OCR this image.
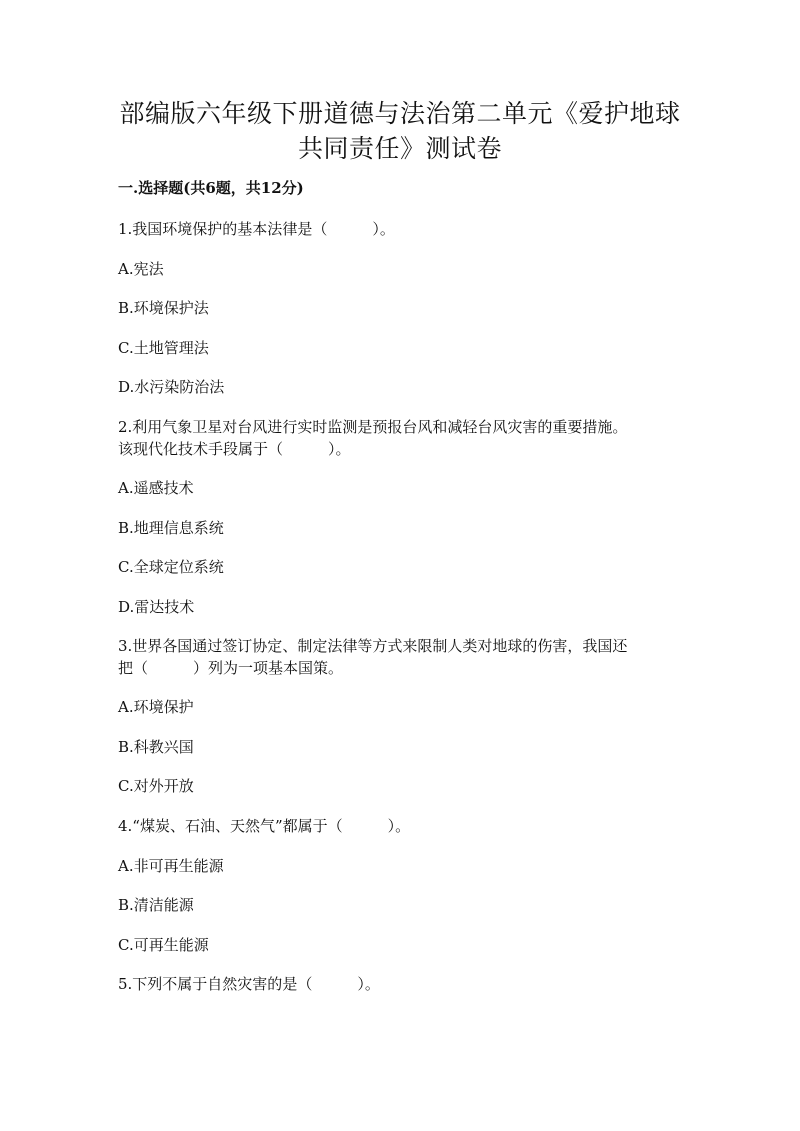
部编版六年级下册道德与法治第二单元《爱护地球
共同责任》测试卷
一.选择题(共6题，共12分)
1.我国环境保护的基本法律是（　　　）。
A.宪法
B.环境保护法
C.土地管理法
D.水污染防治法
2.利用气象卫星对台风进行实时监测是预报台风和减轻台风灾害的重要措施。
该现代化技术手段属于（　　　）。
A.遥感技术
B.地理信息系统
C.全球定位系统
D.雷达技术
3.世界各国通过签订协定、制定法律等方式来限制人类对地球的伤害，我国还
把（　　　）列为一项基本国策。
A.环境保护
B.科教兴国
C.对外开放
4.“煤炭、石油、天然气”都属于（　　　）。
A.非可再生能源
B.清洁能源
C.可再生能源
5.下列不属于自然灾害的是（　　　）。
